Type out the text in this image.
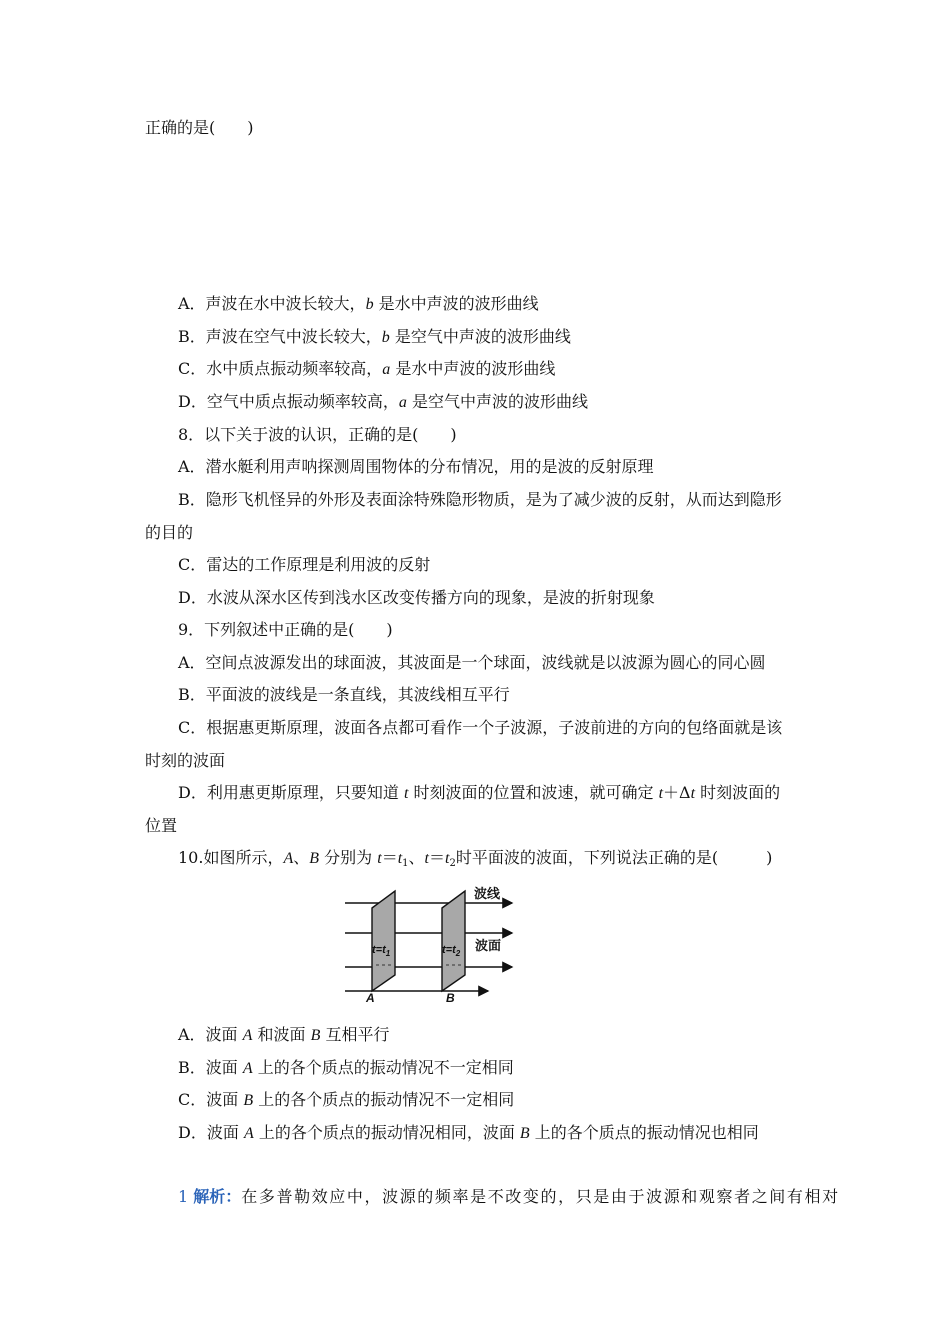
正确的是(　　)
A．声波在水中波长较大，b 是水中声波的波形曲线
B．声波在空气中波长较大，b 是空气中声波的波形曲线
C．水中质点振动频率较高，a 是水中声波的波形曲线
D．空气中质点振动频率较高，a 是空气中声波的波形曲线
8．以下关于波的认识，正确的是(　　)
A．潜水艇利用声呐探测周围物体的分布情况，用的是波的反射原理
B．隐形飞机怪异的外形及表面涂特殊隐形物质，是为了减少波的反射，从而达到隐形
的目的
C．雷达的工作原理是利用波的反射
D．水波从深水区传到浅水区改变传播方向的现象，是波的折射现象
9．下列叙述中正确的是(　　)
A．空间点波源发出的球面波，其波面是一个球面，波线就是以波源为圆心的同心圆
B．平面波的波线是一条直线，其波线相互平行
C．根据惠更斯原理，波面各点都可看作一个子波源，子波前进的方向的包络面就是该
时刻的波面
D．利用惠更斯原理，只要知道 t 时刻波面的位置和波速，就可确定 t＋Δt 时刻波面的
位置
10.如图所示，A、B 分别为 $t=t_1$、$t=t_2$时平面波的波面，下列说法正确的是(　　　)
$t=t_1$	$t=t_2$
波线
波面
A	B
A．波面 A 和波面 B 互相平行
B．波面 A 上的各个质点的振动情况不一定相同
C．波面 B 上的各个质点的振动情况不一定相同
D．波面 A 上的各个质点的振动情况相同，波面 B 上的各个质点的振动情况也相同
1 解析：在多普勒效应中，波源的频率是不改变的，只是由于波源和观察者之间有相对
